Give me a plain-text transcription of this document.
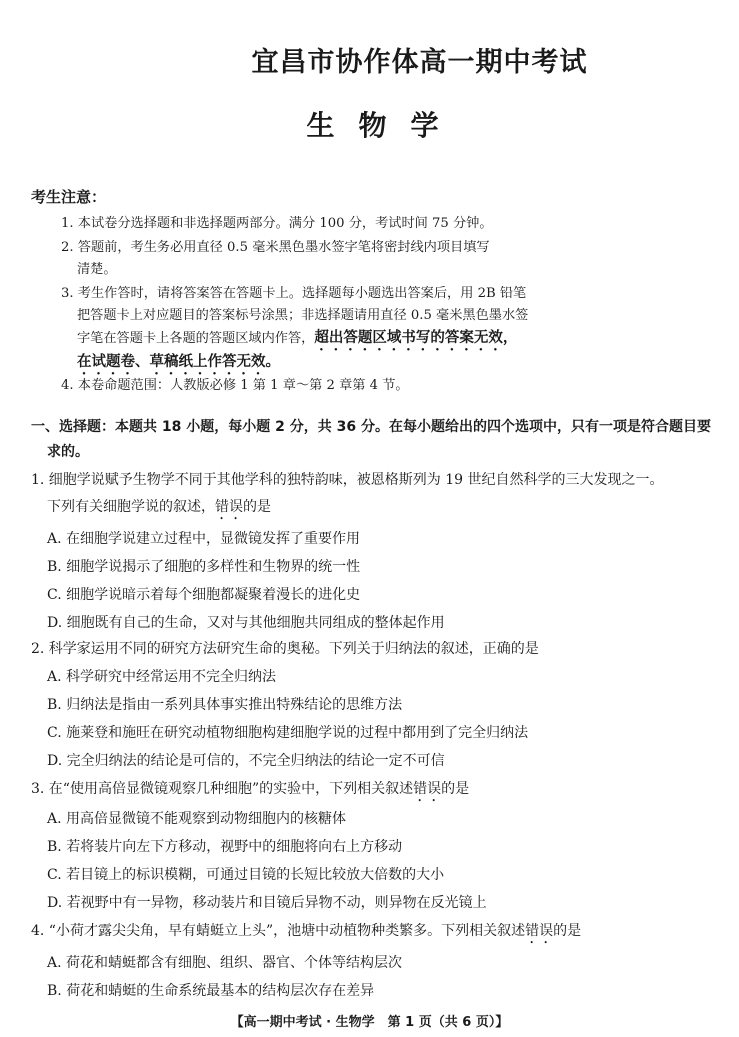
宜昌市协作体高一期中考试
生物学
考生注意：
1. 本试卷分选择题和非选择题两部分。满分 100 分，考试时间 75 分钟。
2. 答题前，考生务必用直径 0.5 毫米黑色墨水签字笔将密封线内项目填写
清楚。
3. 考生作答时，请将答案答在答题卡上。选择题每小题选出答案后，用 2B 铅笔
把答题卡上对应题目的答案标号涂黑；非选择题请用直径 0.5 毫米黑色墨水签
字笔在答题卡上各题的答题区域内作答，超出答题区域书写的答案无效，
在试题卷、草稿纸上作答无效。
4. 本卷命题范围：人教版必修 1 第 1 章～第 2 章第 4 节。
一、选择题：本题共 18 小题，每小题 2 分，共 36 分。在每小题给出的四个选项中，只有一项是符合题目要
求的。
1. 细胞学说赋予生物学不同于其他学科的独特韵味，被恩格斯列为 19 世纪自然科学的三大发现之一。
下列有关细胞学说的叙述，错误的是
A. 在细胞学说建立过程中，显微镜发挥了重要作用
B. 细胞学说揭示了细胞的多样性和生物界的统一性
C. 细胞学说暗示着每个细胞都凝聚着漫长的进化史
D. 细胞既有自己的生命，又对与其他细胞共同组成的整体起作用
2. 科学家运用不同的研究方法研究生命的奥秘。下列关于归纳法的叙述，正确的是
A. 科学研究中经常运用不完全归纳法
B. 归纳法是指由一系列具体事实推出特殊结论的思维方法
C. 施莱登和施旺在研究动植物细胞构建细胞学说的过程中都用到了完全归纳法
D. 完全归纳法的结论是可信的，不完全归纳法的结论一定不可信
3. 在“使用高倍显微镜观察几种细胞”的实验中，下列相关叙述错误的是
A. 用高倍显微镜不能观察到动物细胞内的核糖体
B. 若将装片向左下方移动，视野中的细胞将向右上方移动
C. 若目镜上的标识模糊，可通过目镜的长短比较放大倍数的大小
D. 若视野中有一异物，移动装片和目镜后异物不动，则异物在反光镜上
4. “小荷才露尖尖角，早有蜻蜓立上头”，池塘中动植物种类繁多。下列相关叙述错误的是
A. 荷花和蜻蜓都含有细胞、组织、器官、个体等结构层次
B. 荷花和蜻蜓的生命系统最基本的结构层次存在差异
【高一期中考试 · 生物学　第 1 页（共 6 页）】
